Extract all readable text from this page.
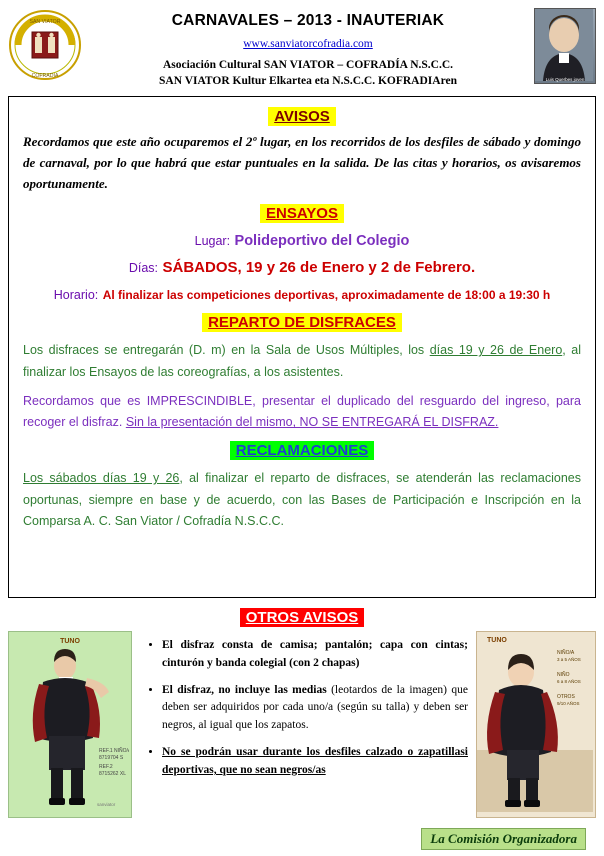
SAN VIATOR
COFRADIA
CARNAVALES – 2013 - INAUTERIAK
www.sanviatorcofradia.com
Asociación Cultural SAN VIATOR – COFRADÍA N.S.C.C.
SAN VIATOR Kultur Elkartea eta N.S.C.C. KOFRADIAren	Luis Querbes joven
AVISOS
Recordamos que este año ocuparemos el 2º lugar, en los recorridos de los desfiles de sábado y domingo de carnaval, por lo que habrá que estar puntuales en la salida. De las citas y horarios, os avisaremos oportunamente.
ENSAYOS
Lugar: Polideportivo del Colegio
Días: SÁBADOS, 19 y 26 de Enero y 2 de Febrero.
Horario: Al finalizar las competiciones deportivas, aproximadamente de 18:00 a 19:30 h
REPARTO DE DISFRACES
Los disfraces se entregarán (D. m) en la Sala de Usos Múltiples, los días 19 y 26 de Enero, al finalizar los Ensayos de las coreografías, a los asistentes.
Recordamos que es IMPRESCINDIBLE, presentar el duplicado del resguardo del ingreso, para recoger el disfraz. Sin la presentación del mismo, NO SE ENTREGARÁ EL DISFRAZ.
RECLAMACIONES
Los sábados días 19 y 26, al finalizar el reparto de disfraces, se atenderán las reclamaciones oportunas, siempre en base y de acuerdo, con las Bases de Participación e Inscripción en la Comparsa A. C. San Viator / Cofradía N.S.C.C.
OTROS AVISOS
TUNO
REF.1 NIÑO/A
8719704 S
REF.2
8715262 XL
sanviator
• El disfraz consta de camisa; pantalón; capa con cintas; cinturón y banda colegial (con 2 chapas)
• El disfraz, no incluye las medias (leotardos de la imagen) que deben ser adquiridos por cada uno/a (según su talla) y deben ser negros, al igual que los zapatos.
• No se podrán usar durante los desfiles calzado o zapatillasi deportivas, que no sean negros/as
TUNO
NIÑO/A
3 a 5 AÑOS
NIÑO
6 a 8 AÑOS
OTROS
9/10 AÑOS
La Comisión Organizadora
